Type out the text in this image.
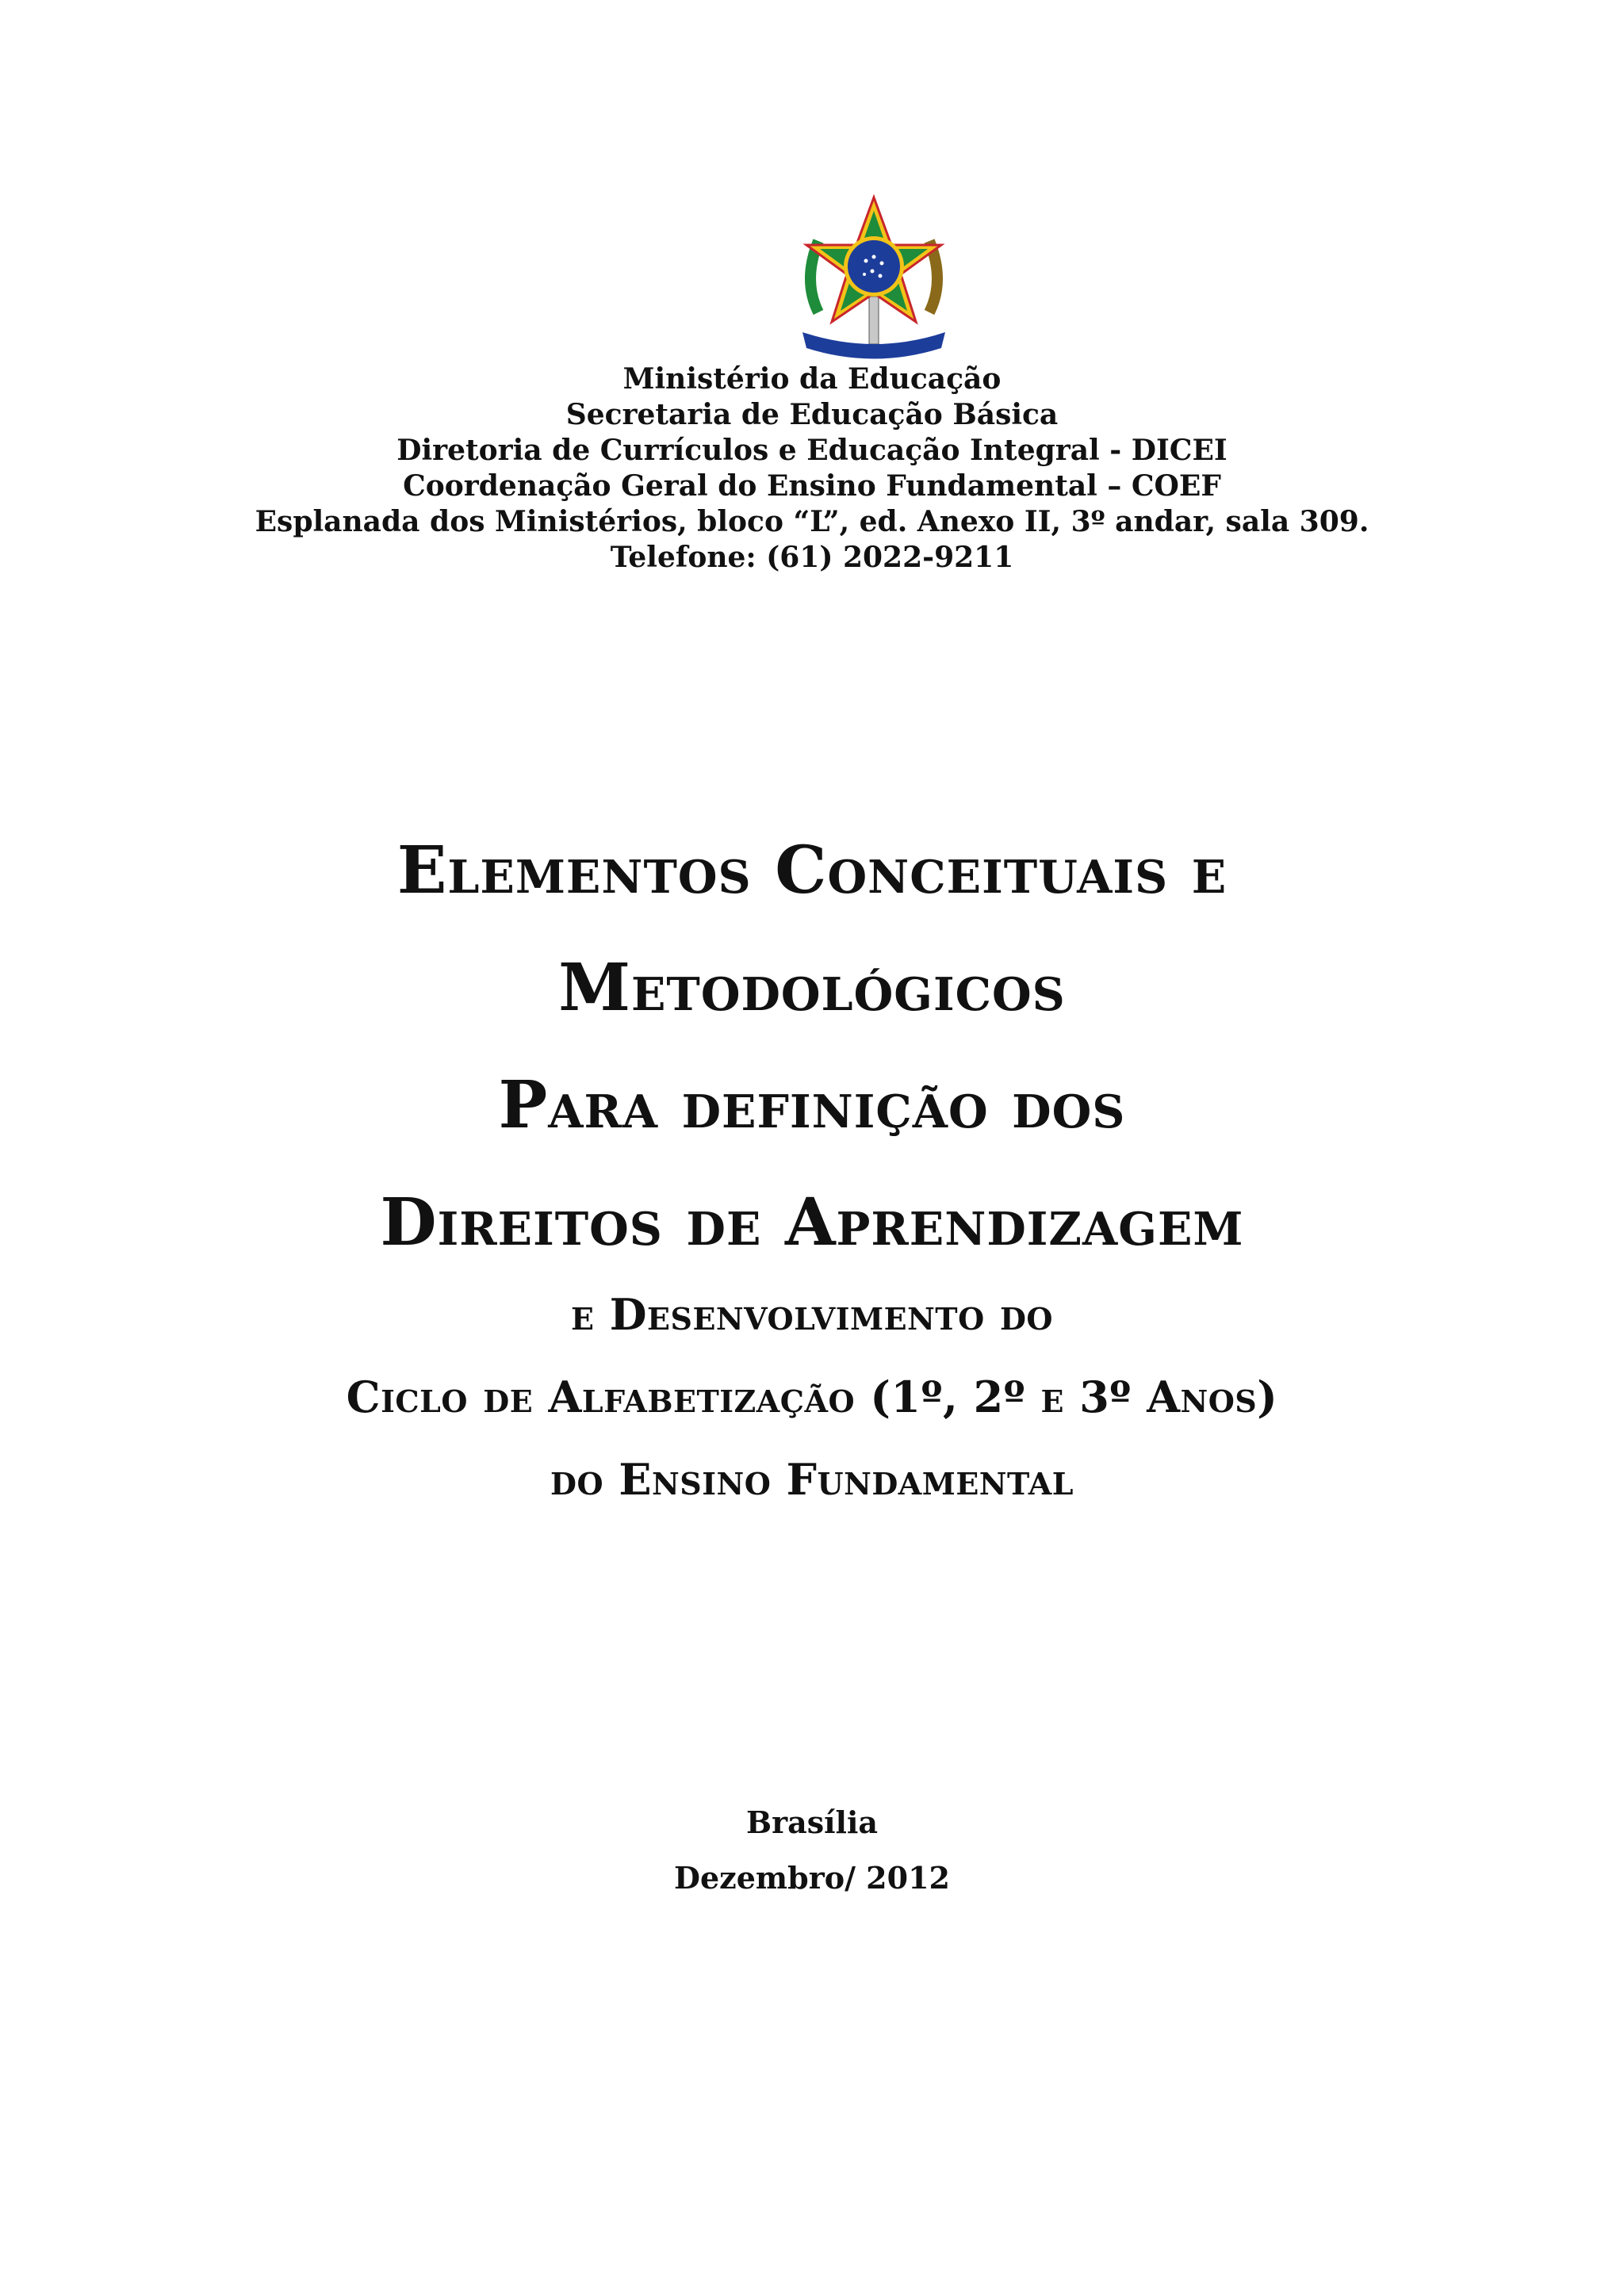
Ministério da Educação
Secretaria de Educação Básica
Diretoria de Currículos e Educação Integral - DICEI
Coordenação Geral do Ensino Fundamental – COEF
Esplanada dos Ministérios, bloco “L”, ed. Anexo II, 3º andar, sala 309.
Telefone: (61) 2022-9211
Elementos Conceituais e
Metodológicos
Para definição dos
Direitos de Aprendizagem
e Desenvolvimento do
Ciclo de Alfabetização (1º, 2º e 3º Anos)
do Ensino Fundamental
Brasília
Dezembro/ 2012
